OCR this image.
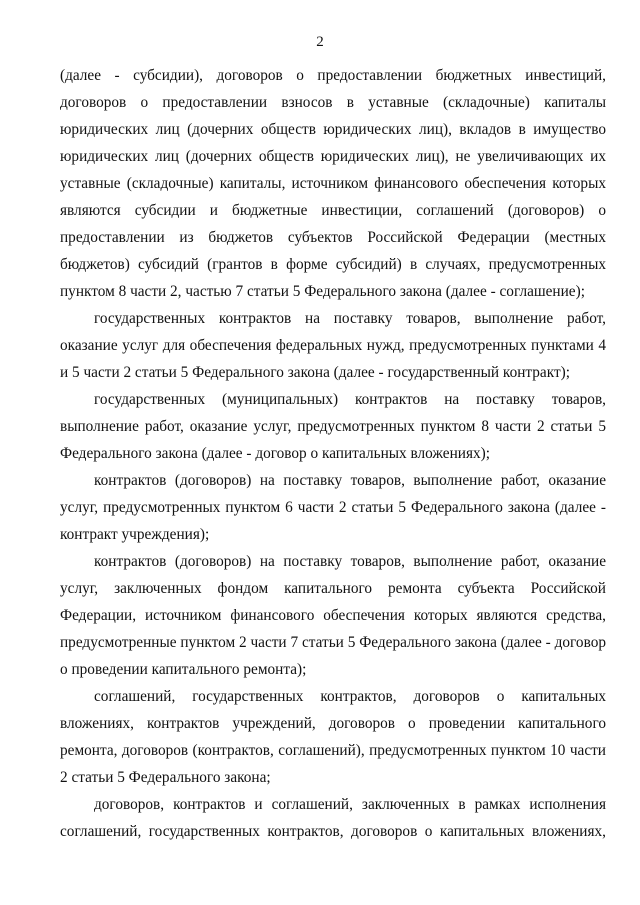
2

(далее - субсидии), договоров о предоставлении бюджетных инвестиций, договоров о предоставлении взносов в уставные (складочные) капиталы юридических лиц (дочерних обществ юридических лиц), вкладов в имущество юридических лиц (дочерних обществ юридических лиц), не увеличивающих их уставные (складочные) капиталы, источником финансового обеспечения которых являются субсидии и бюджетные инвестиции, соглашений (договоров) о предоставлении из бюджетов субъектов Российской Федерации (местных бюджетов) субсидий (грантов в форме субсидий) в случаях, предусмотренных пунктом 8 части 2, частью 7 статьи 5 Федерального закона (далее - соглашение);

государственных контрактов на поставку товаров, выполнение работ, оказание услуг для обеспечения федеральных нужд, предусмотренных пунктами 4 и 5 части 2 статьи 5 Федерального закона (далее - государственный контракт);

государственных (муниципальных) контрактов на поставку товаров, выполнение работ, оказание услуг, предусмотренных пунктом 8 части 2 статьи 5 Федерального закона (далее - договор о капитальных вложениях);

контрактов (договоров) на поставку товаров, выполнение работ, оказание услуг, предусмотренных пунктом 6 части 2 статьи 5 Федерального закона (далее - контракт учреждения);

контрактов (договоров) на поставку товаров, выполнение работ, оказание услуг, заключенных фондом капитального ремонта субъекта Российской Федерации, источником финансового обеспечения которых являются средства, предусмотренные пунктом 2 части 7 статьи 5 Федерального закона (далее - договор о проведении капитального ремонта);

соглашений, государственных контрактов, договоров о капитальных вложениях, контрактов учреждений, договоров о проведении капитального ремонта, договоров (контрактов, соглашений), предусмотренных пунктом 10 части 2 статьи 5 Федерального закона;

договоров, контрактов и соглашений, заключенных в рамках исполнения соглашений, государственных контрактов, договоров о капитальных вложениях,
